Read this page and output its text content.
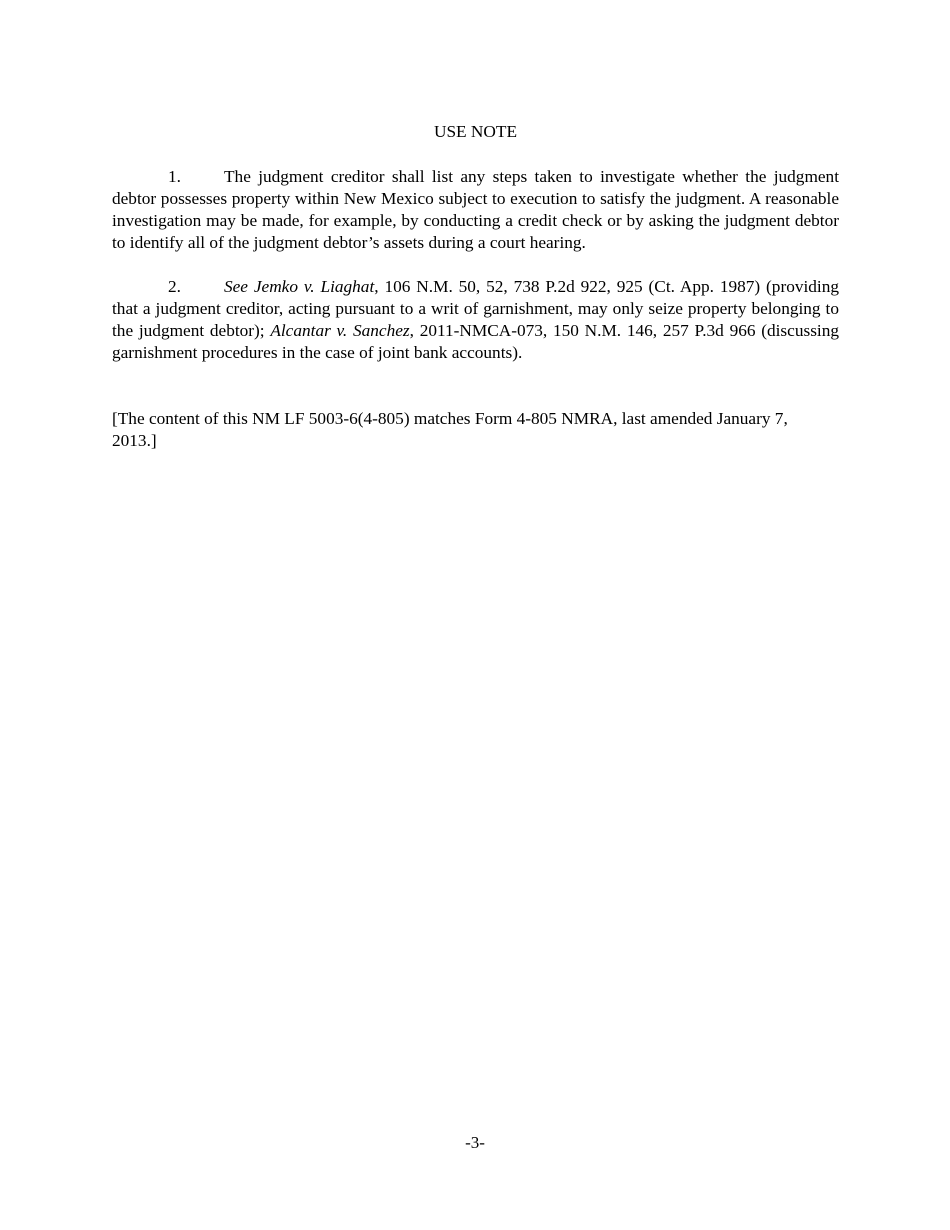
USE NOTE

1. The judgment creditor shall list any steps taken to investigate whether the judgment debtor possesses property within New Mexico subject to execution to satisfy the judgment. A reasonable investigation may be made, for example, by conducting a credit check or by asking the judgment debtor to identify all of the judgment debtor’s assets during a court hearing.

2. See Jemko v. Liaghat, 106 N.M. 50, 52, 738 P.2d 922, 925 (Ct. App. 1987) (providing that a judgment creditor, acting pursuant to a writ of garnishment, may only seize property belonging to the judgment debtor); Alcantar v. Sanchez, 2011-NMCA-073, 150 N.M. 146, 257 P.3d 966 (discussing garnishment procedures in the case of joint bank accounts).

[The content of this NM LF 5003-6(4-805) matches Form 4-805 NMRA, last amended January 7, 2013.]

-3-
